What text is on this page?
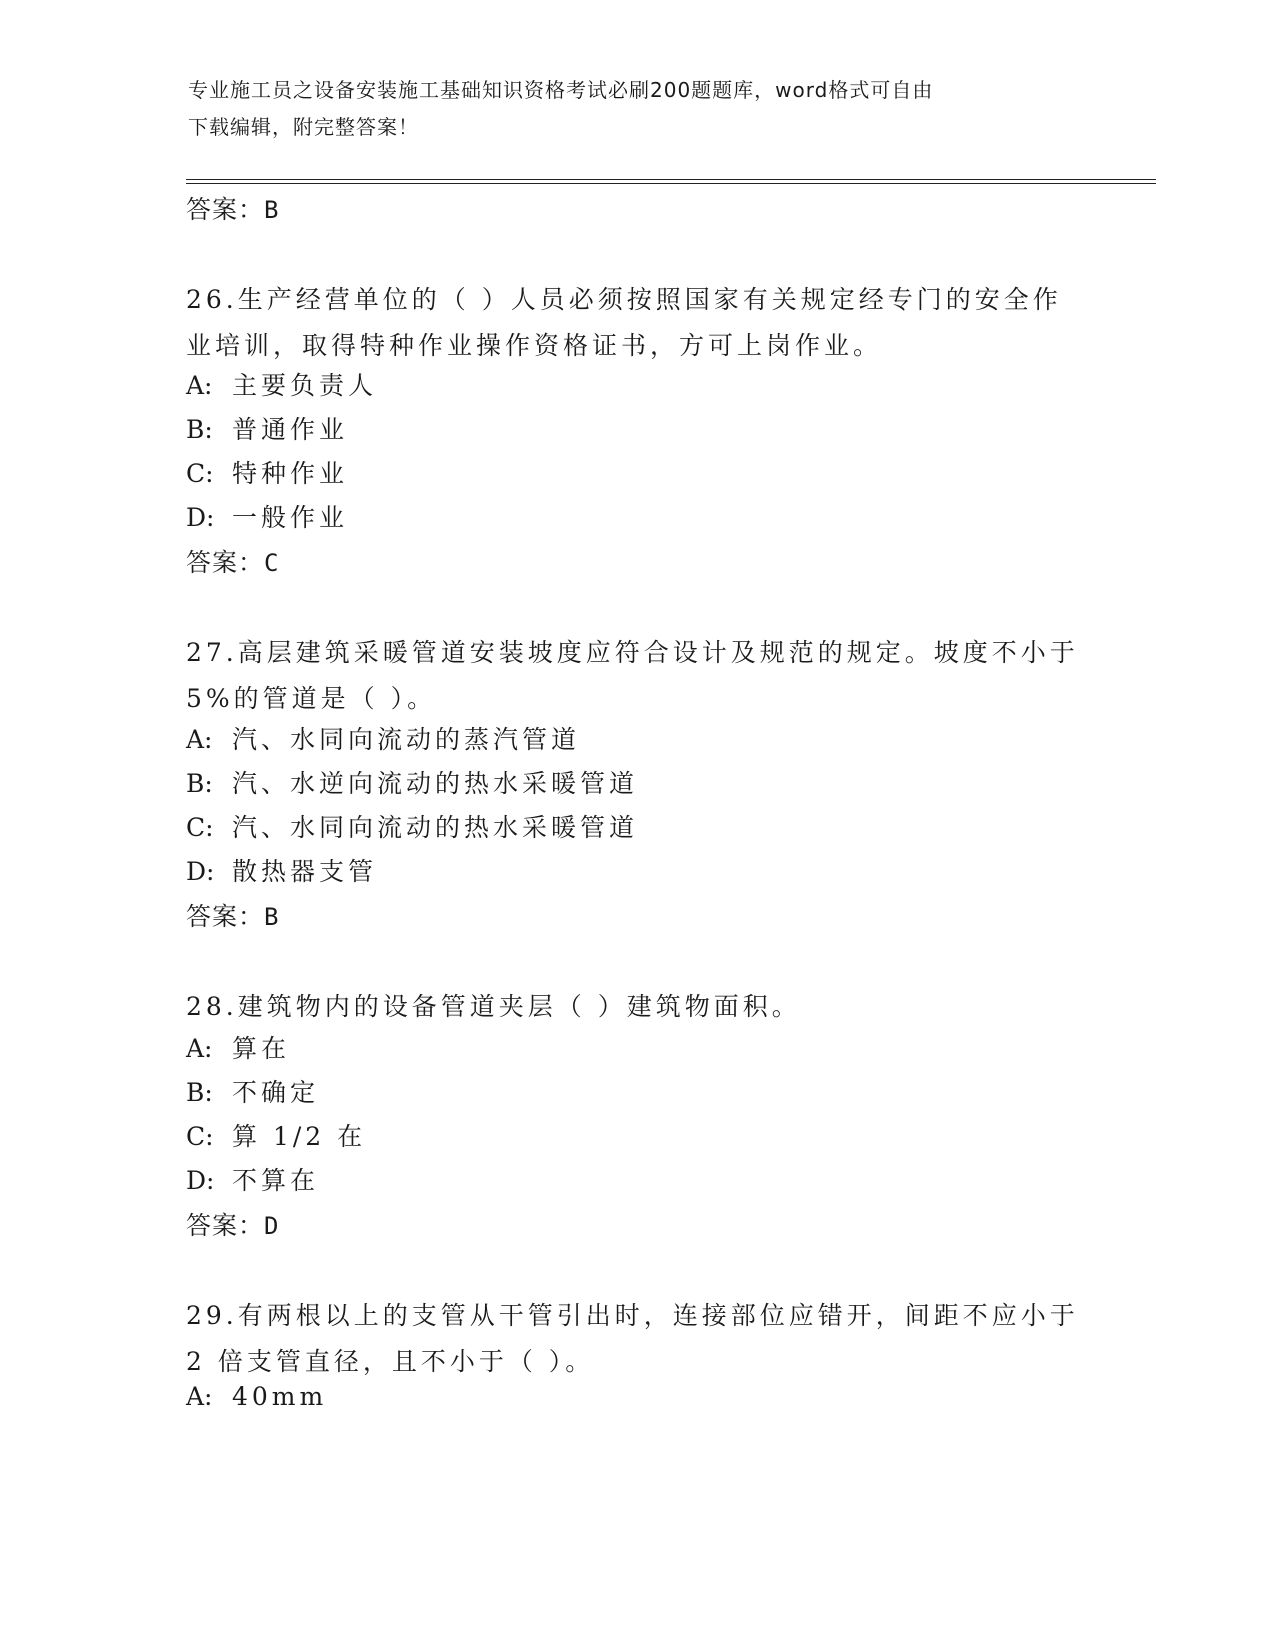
专业施工员之设备安装施工基础知识资格考试必刷200题题库，word格式可自由
下载编辑，附完整答案！
答案：B
26.生产经营单位的（ ）人员必须按照国家有关规定经专门的安全作
业培训，取得特种作业操作资格证书，方可上岗作业。
A: 主要负责人
B: 普通作业
C: 特种作业
D: 一般作业
答案：C
27.高层建筑采暖管道安装坡度应符合设计及规范的规定。坡度不小于
5%的管道是（ ）。
A: 汽、水同向流动的蒸汽管道
B: 汽、水逆向流动的热水采暖管道
C: 汽、水同向流动的热水采暖管道
D: 散热器支管
答案：B
28.建筑物内的设备管道夹层（ ）建筑物面积。
A: 算在
B: 不确定
C: 算 1/2 在
D: 不算在
答案：D
29.有两根以上的支管从干管引出时，连接部位应错开，间距不应小于
2 倍支管直径，且不小于（ ）。
A: 40mm
